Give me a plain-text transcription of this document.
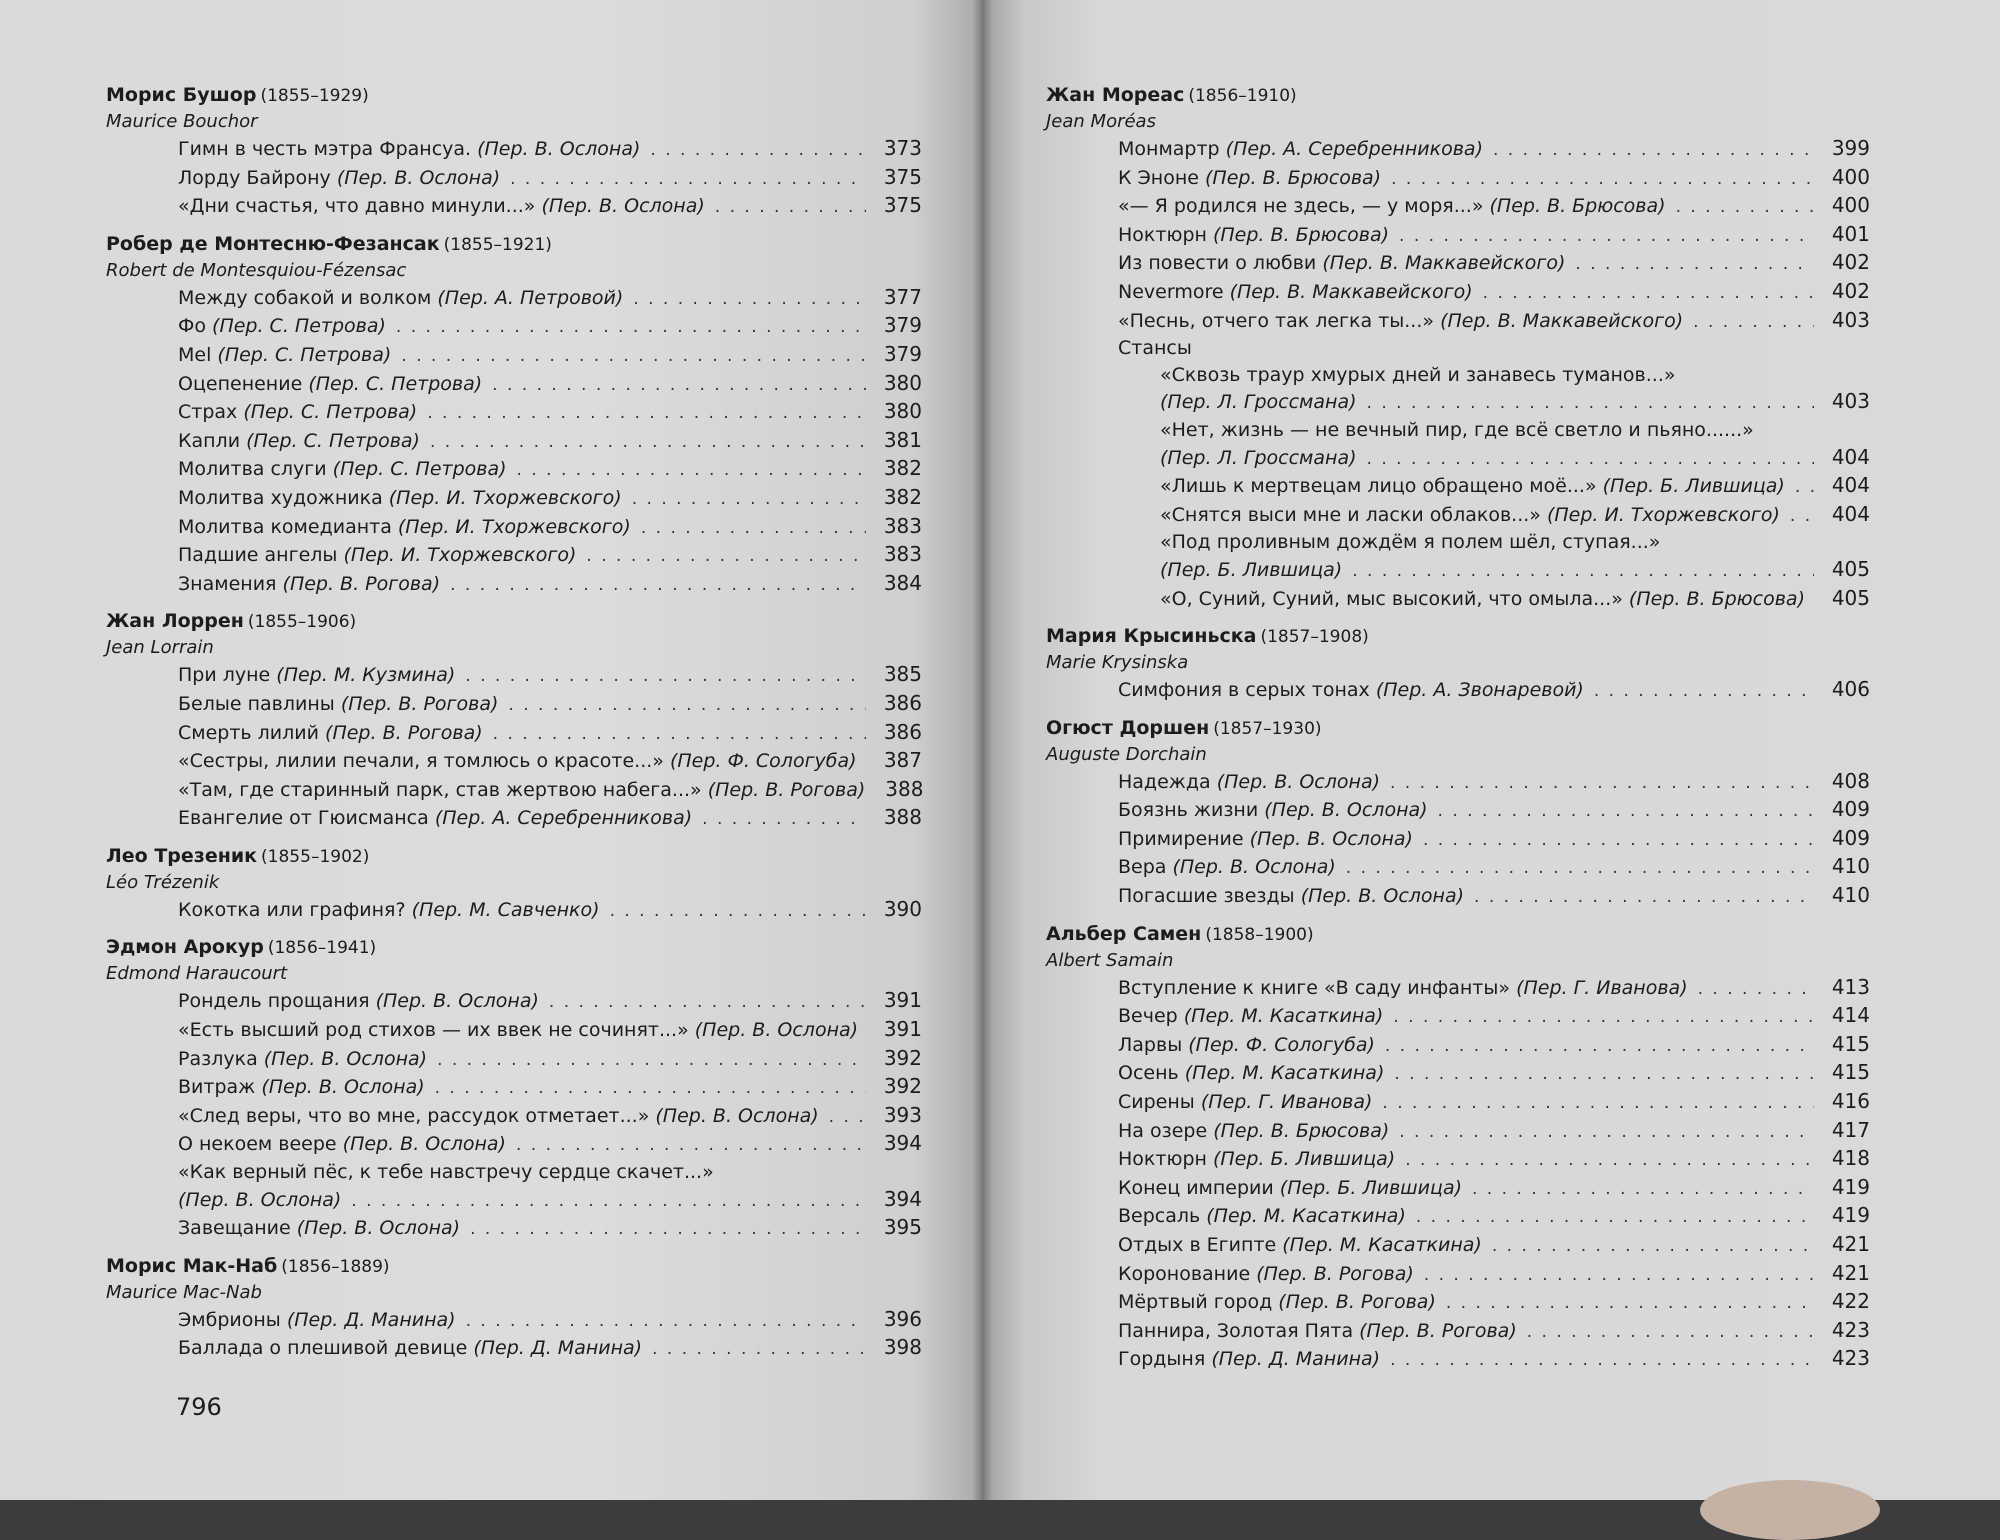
Морис Бушор (1855–1929)
Maurice Bouchor
Гимн в честь мэтра Франсуа. (Пер. В. Ослона) . . .	373
Лорду Байрону (Пер. В. Ослона) . . .	375
«Дни счастья, что давно минули...» (Пер. В. Ослона) . . .	375
Робер де Монтесню-Фезансак (1855–1921)
Robert de Montesquiou-Fézensac
Между собакой и волком (Пер. А. Петровой) . . .	377
Фо (Пер. С. Петрова) . . .	379
Mel (Пер. С. Петрова) . . .	379
Оцепенение (Пер. С. Петрова) . . .	380
Страх (Пер. С. Петрова) . . .	380
Капли (Пер. С. Петрова) . . .	381
Молитва слуги (Пер. С. Петрова) . . .	382
Молитва художника (Пер. И. Тхоржевского) . . .	382
Молитва комедианта (Пер. И. Тхоржевского) . . .	383
Падшие ангелы (Пер. И. Тхоржевского) . . .	383
Знамения (Пер. В. Рогова) . . .	384
Жан Лоррен (1855–1906)
Jean Lorrain
При луне (Пер. М. Кузмина) . . .	385
Белые павлины (Пер. В. Рогова) . . .	386
Смерть лилий (Пер. В. Рогова) . . .	386
«Сестры, лилии печали, я томлюсь о красоте...» (Пер. Ф. Сологуба)	387
«Там, где старинный парк, став жертвою набега...» (Пер. В. Рогова) 388
Евангелие от Гюисманса (Пер. А. Серебренникова) . . .	388
Лео Трезеник (1855–1902)
Léo Trézenik
Кокотка или графиня? (Пер. М. Савченко) . . .	390
Эдмон Арокур (1856–1941)
Edmond Haraucourt
Рондель прощания (Пер. В. Ослона) . . .	391
«Есть высший род стихов — их ввек не сочинят...» (Пер. В. Ослона) 391
Разлука (Пер. В. Ослона) . . .	392
Витраж (Пер. В. Ослона) . . .	392
«След веры, что во мне, рассудок отметает...» (Пер. В. Ослона) . . .	393
О некоем веере (Пер. В. Ослона) . . .	394
«Как верный пёс, к тебе навстречу сердце скачет...»
(Пер. В. Ослона) . . .	394
Завещание (Пер. В. Ослона) . . .	395
Морис Мак-Наб (1856–1889)
Maurice Mac-Nab
Эмбрионы (Пер. Д. Манина) . . .	396
Баллада о плешивой девице (Пер. Д. Манина) . . .	398
796
Жан Мореас (1856–1910)
Jean Moréas
Монмартр (Пер. А. Серебренникова) . . .	399
К Эноне (Пер. В. Брюсова) . . .	400
«— Я родился не здесь, — у моря...» (Пер. В. Брюсова) . . .	400
Ноктюрн (Пер. В. Брюсова) . . .	401
Из повести о любви (Пер. В. Маккавейского) . . .	402
Nevermore (Пер. В. Маккавейского) . . .	402
«Песнь, отчего так легка ты...» (Пер. В. Маккавейского) . . .	403
Стансы
«Сквозь траур хмурых дней и занавесь туманов...»
(Пер. Л. Гроссмана) . . .	403
«Нет, жизнь — не вечный пир, где всё светло и пьяно......»
(Пер. Л. Гроссмана) . . .	404
«Лишь к мертвецам лицо обращено моё...» (Пер. Б. Лившица) . . .	404
«Снятся выси мне и ласки облаков...» (Пер. И. Тхоржевского) . . .	404
«Под проливным дождём я полем шёл, ступая...»
(Пер. Б. Лившица) . . .	405
«О, Суний, Суний, мыс высокий, что омыла...» (Пер. В. Брюсова)	405
Мария Крысиньска (1857–1908)
Marie Krysinska
Симфония в серых тонах (Пер. А. Звонаревой) . . .	406
Огюст Доршен (1857–1930)
Auguste Dorchain
Надежда (Пер. В. Ослона) . . .	408
Боязнь жизни (Пер. В. Ослона) . . .	409
Примирение (Пер. В. Ослона) . . .	409
Вера (Пер. В. Ослона) . . .	410
Погасшие звезды (Пер. В. Ослона) . . .	410
Альбер Самен (1858–1900)
Albert Samain
Вступление к книге «В саду инфанты» (Пер. Г. Иванова) . . .	413
Вечер (Пер. М. Касаткина) . . .	414
Ларвы (Пер. Ф. Сологуба) . . .	415
Осень (Пер. М. Касаткина) . . .	415
Сирены (Пер. Г. Иванова) . . .	416
На озере (Пер. В. Брюсова) . . .	417
Ноктюрн (Пер. Б. Лившица) . . .	418
Конец империи (Пер. Б. Лившица) . . .	419
Версаль (Пер. М. Касаткина) . . .	419
Отдых в Египте (Пер. М. Касаткина) . . .	421
Коронование (Пер. В. Рогова) . . .	421
Мёртвый город (Пер. В. Рогова) . . .	422
Паннира, Золотая Пята (Пер. В. Рогова) . . .	423
Гордыня (Пер. Д. Манина) . . .	423
